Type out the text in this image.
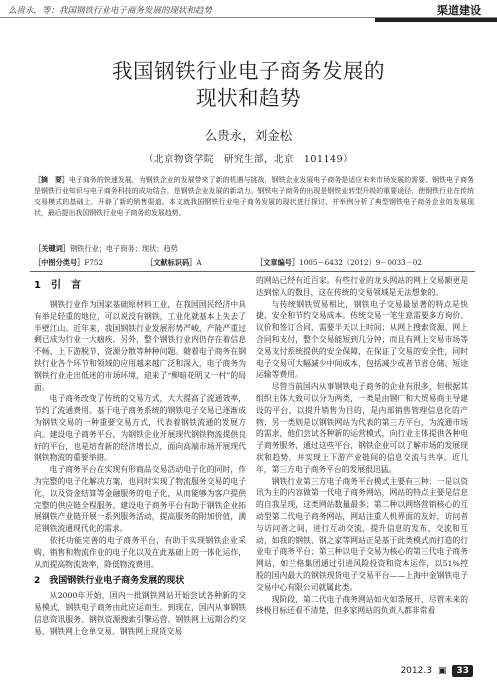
么贵永，等：我国钢铁行业电子商务发展的现状和趋势	渠道建设
我国钢铁行业电子商务发展的
现状和趋势
么贵永，刘金松
（北京物资学院　研究生部，北京　101149）
［摘　要］电子商务的快速发展，为钢铁企业的发展带来了新的机遇与挑战，钢铁企业发展电子商务是适应未来市场发展的需要。钢铁电子商务是钢铁行业知识与电子商务科技的成功结合，是钢铁企业发展的新动力。钢铁电子商务的出现是钢铁业转型升级的重要途径，使钢铁行业在传统交易模式的基础上，开辟了新的销售渠道。本文就我国钢铁行业电子商务发展的现状进行探讨，并举例分析了典型钢铁电子商务企业的发展现状，最后提出我国钢铁行业电子商务的发展趋势。
［关键词］钢铁行业；电子商务；现状；趋势
［中图分类号］F752	［文献标识码］A	［文章编号］1005－6432（2012）9－0033－02
1　引　言

钢铁行业作为国家基础原材料工业，在我国国民经济中具有举足轻重的地位，可以说没有钢铁，工业化就基本上失去了半壁江山。近年来，我国钢铁行业发展形势严峻，产能严重过剩已成为行业一大痼疾。另外，整个钢铁行业内仍存在着信息不畅、上下游脱节、资源分散等种种问题。随着电子商务在钢铁行业各个环节和领域的应用越来越广泛和深入，电子商务为钢铁行业走出低迷的市场环境，迎来了“柳暗花明又一村”的局面。

电子商务改变了传统的交易方式，大大提高了流通效率，节约了流通费用。基于电子商务系统的钢铁电子交易已逐渐成为钢铁交易的一种重要交易方式，代表着钢铁流通的发展方向。建设电子商务平台，为钢铁企业开展现代钢铁物流提供良好的平台，也是培育新的经济增长点，面向高端市场开展现代钢铁物流的重要举措。

电子商务平台在实现有形商品交易活动电子化的同时，作为完整的电子化解决方案，也同时实现了物流服务交易的电子化，以及资金结算等金融服务的电子化，从而能够为客户提供完整的供应链全程服务。建设电子商务平台有助于钢铁企业拓展钢铁产业链开展一系列服务活动，提高服务的附加价值，满足钢铁流通现代化的需求。

依托功能完善的电子商务平台，有助于实现钢铁企业采购、销售和物流作业的电子化以及在此基础上的一体化运作，从而提高物流效率，降低物流费用。

2　我国钢铁行业电子商务发展的现状

从2000年开始，国内一批钢铁网站开始尝试各种新的交易模式，钢铁电子商务由此应运而生。到现在，国内从事钢铁信息资讯服务、钢铁资源搜索引擎运营、钢铁网上远期合约交易、钢铁网上仓单交易、钢铁网上现货交易

的网站已经有近百家。有些行业的龙头网站的网上交易额更是达到惊人的数目，这在传统的交易领域是无法想象的。

与传统钢铁贸易相比，钢铁电子交易最显著的特点是快捷、安全和节约交易成本。传统交易一笔生意需要多方询价、议价和签订合同，需要半天以上时间；从网上搜索资源、网上合同和支付，整个交易能短到几分钟；而且有网上交易市场等交易支付系统提供的安全保障，在保证了交易的安全性，同时电子交易可大幅减少中间成本，包括减少或者节省仓储、短途运输等费用。

尽管当前国内从事钢铁电子商务的企业有很多，但根据其组织主体大致可以分为两类，一类是由钢厂和大贸易商主导建设的平台，以提升销售为目的，是内部销售管理信息化的产物；另一类则是以钢铁网站为代表的第三方平台，为流通市场的需求，他们尝试各种新的运营模式，向行业主体提供各种电子商务服务，通过这些平台，钢铁企业可以了解市场的发展现状和趋势，并实现上下游产业链间的信息交流与共享。近几年，第三方电子商务平台的发展很迅猛。

钢铁行业第三方电子商务平台模式主要有三种：一是以资讯为主的内容做第一代电子商务网站，网站的特点主要是信息的自我呈现，这类网站数量最多；第二种以网络营销核心的互动型第二代电子商务网站，网站注重人机界面的友好，访问者与访问者之间，进行互动交流，提升信息的发布、交流和互动，如我的钢铁、钢之家等网站正是基于此类模式而打造的行业电子商务平台；第三种以电子交易为核心的第三代电子商务网站，如兰格集团通过引进风险投资和资本运作，以51%控股的国内最大的钢铁现货电子交易平台——上海中金钢铁电子交易中心有限公司就属此类。

现阶段，第二代电子商务网站如火如荼展开，尽管未来的终极目标还看不清楚，但多家网站的负责人都非常看

2012.3 ▣	33
